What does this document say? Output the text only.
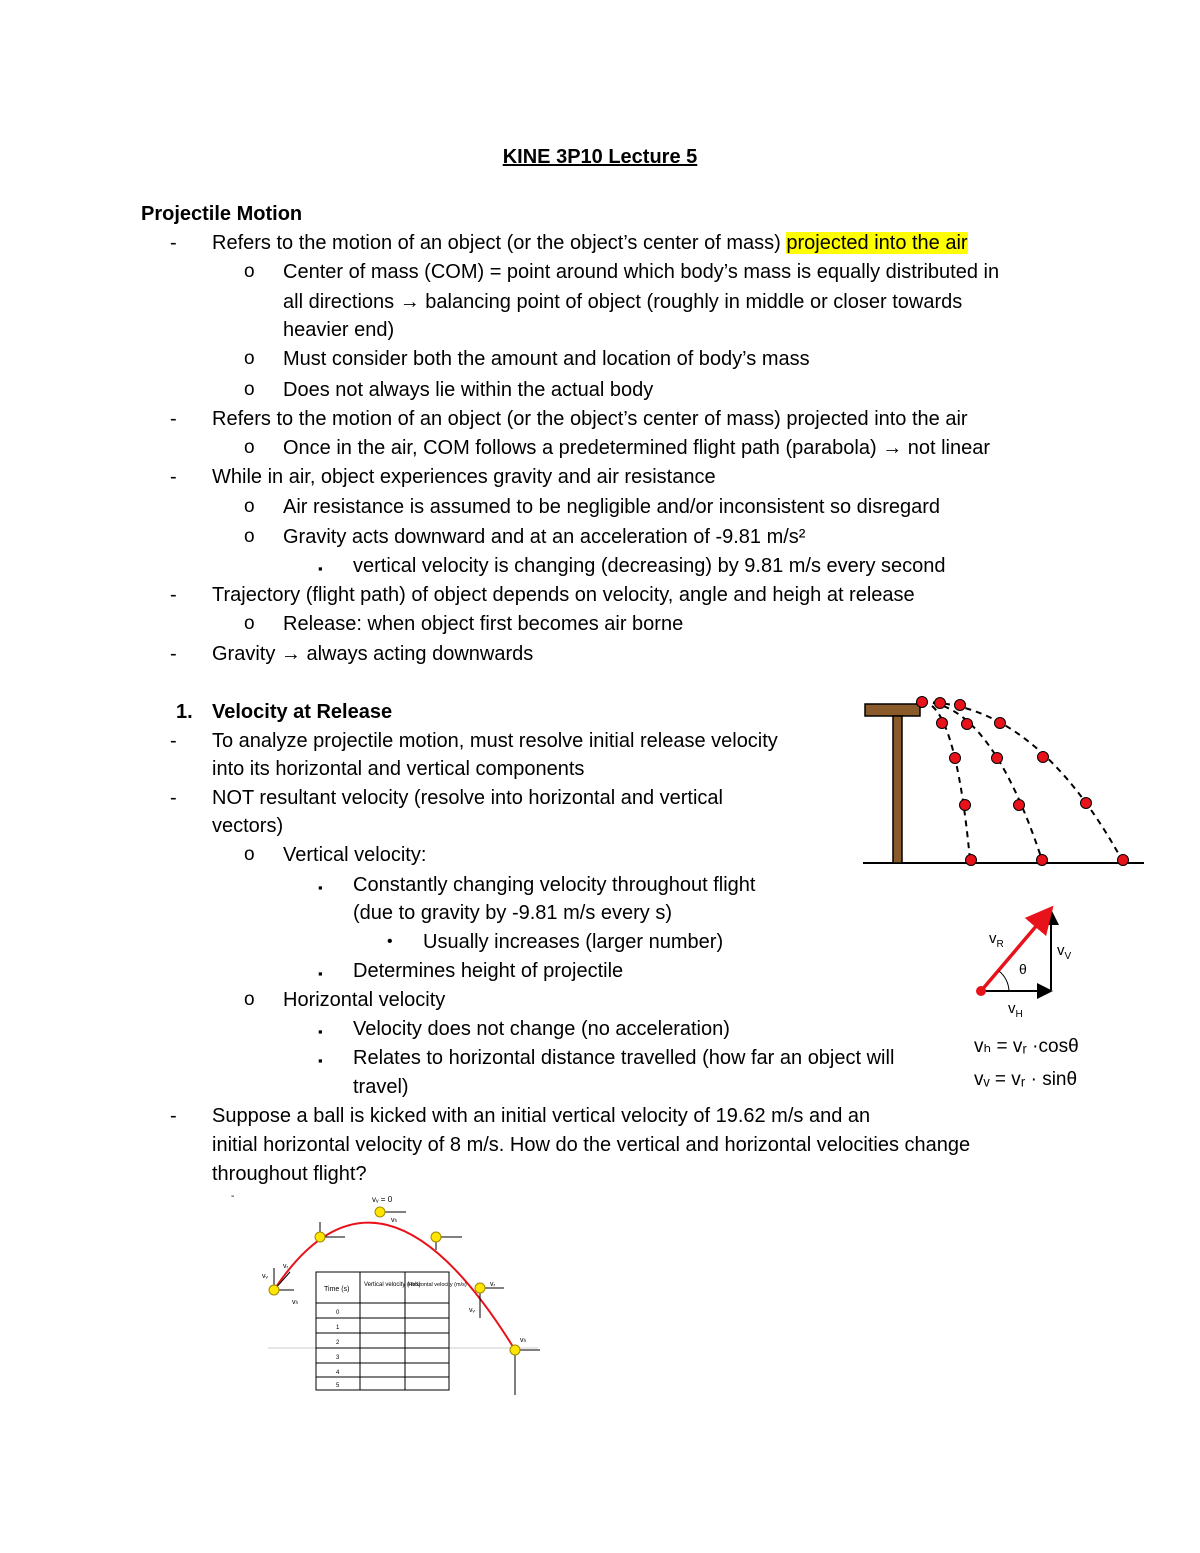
KINE 3P10 Lecture 5
Projectile Motion
- Refers to the motion of an object (or the object’s center of mass) projected into the air
o Center of mass (COM) = point around which body’s mass is equally distributed in
all directions → balancing point of object (roughly in middle or closer towards
heavier end)
o Must consider both the amount and location of body’s mass
o Does not always lie within the actual body
- Refers to the motion of an object (or the object’s center of mass) projected into the air
o Once in the air, COM follows a predetermined flight path (parabola) → not linear
- While in air, object experiences gravity and air resistance
o Air resistance is assumed to be negligible and/or inconsistent so disregard
o Gravity acts downward and at an acceleration of -9.81 m/s²
▪ vertical velocity is changing (decreasing) by 9.81 m/s every second
- Trajectory (flight path) of object depends on velocity, angle and heigh at release
o Release: when object first becomes air borne
- Gravity → always acting downwards
1. Velocity at Release
- To analyze projectile motion, must resolve initial release velocity
into its horizontal and vertical components
- NOT resultant velocity (resolve into horizontal and vertical
vectors)
o Vertical velocity:
▪ Constantly changing velocity throughout flight
(due to gravity by -9.81 m/s every s)
• Usually increases (larger number)
▪ Determines height of projectile
o Horizontal velocity
▪ Velocity does not change (no acceleration)
▪ Relates to horizontal distance travelled (how far an object will
travel)
- Suppose a ball is kicked with an initial vertical velocity of 19.62 m/s and an
initial horizontal velocity of 8 m/s. How do the vertical and horizontal velocities change
throughout flight?
$v_R$	$v_V$
θ
$v_H$
vₕ = vᵣ ·cosθ
vᵥ = vᵣ · sinθ
-	vᵥ = 0
vₕ
vᵣ
vᵥ
vₕ
vᵥ
vᵣ
vₕ
Time (s)
Vertical velocity (m/s)
Horizontal velocity (m/s)
0
1
2
3
4
5
